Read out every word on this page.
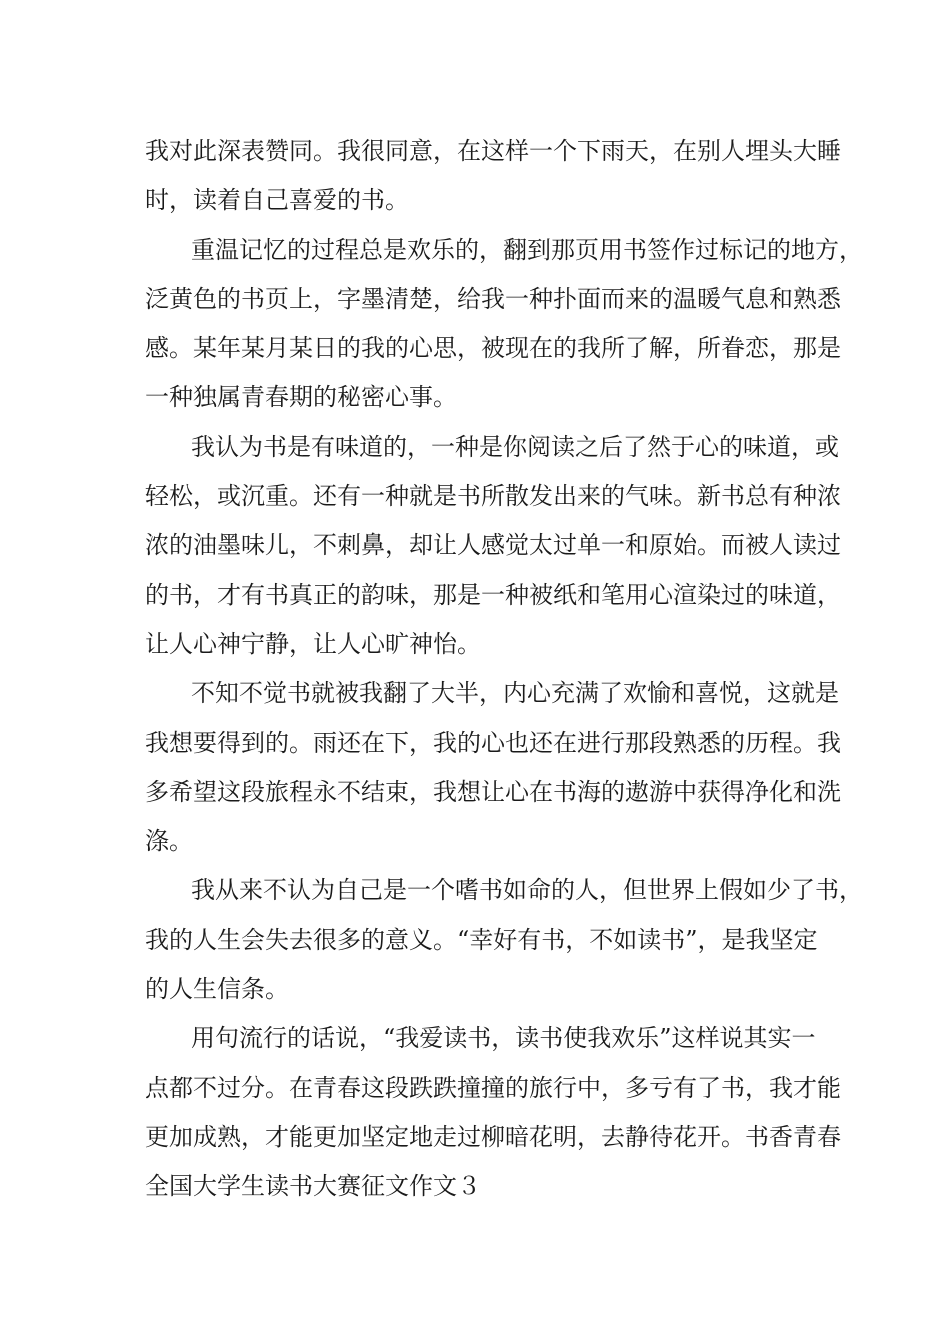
我对此深表赞同。我很同意，在这样一个下雨天，在别人埋头大睡
时，读着自己喜爱的书。
重温记忆的过程总是欢乐的，翻到那页用书签作过标记的地方，
泛黄色的书页上，字墨清楚，给我一种扑面而来的温暖气息和熟悉
感。某年某月某日的我的心思，被现在的我所了解，所眷恋，那是
一种独属青春期的秘密心事。
我认为书是有味道的，一种是你阅读之后了然于心的味道，或
轻松，或沉重。还有一种就是书所散发出来的气味。新书总有种浓
浓的油墨味儿，不刺鼻，却让人感觉太过单一和原始。而被人读过
的书，才有书真正的韵味，那是一种被纸和笔用心渲染过的味道，
让人心神宁静，让人心旷神怡。
不知不觉书就被我翻了大半，内心充满了欢愉和喜悦，这就是
我想要得到的。雨还在下，我的心也还在进行那段熟悉的历程。我
多希望这段旅程永不结束，我想让心在书海的遨游中获得净化和洗
涤。
我从来不认为自己是一个嗜书如命的人，但世界上假如少了书，
我的人生会失去很多的意义。“幸好有书，不如读书”，是我坚定
的人生信条。
用句流行的话说，“我爱读书，读书使我欢乐”这样说其实一
点都不过分。在青春这段跌跌撞撞的旅行中，多亏有了书，我才能
更加成熟，才能更加坚定地走过柳暗花明，去静待花开。书香青春
全国大学生读书大赛征文作文３
